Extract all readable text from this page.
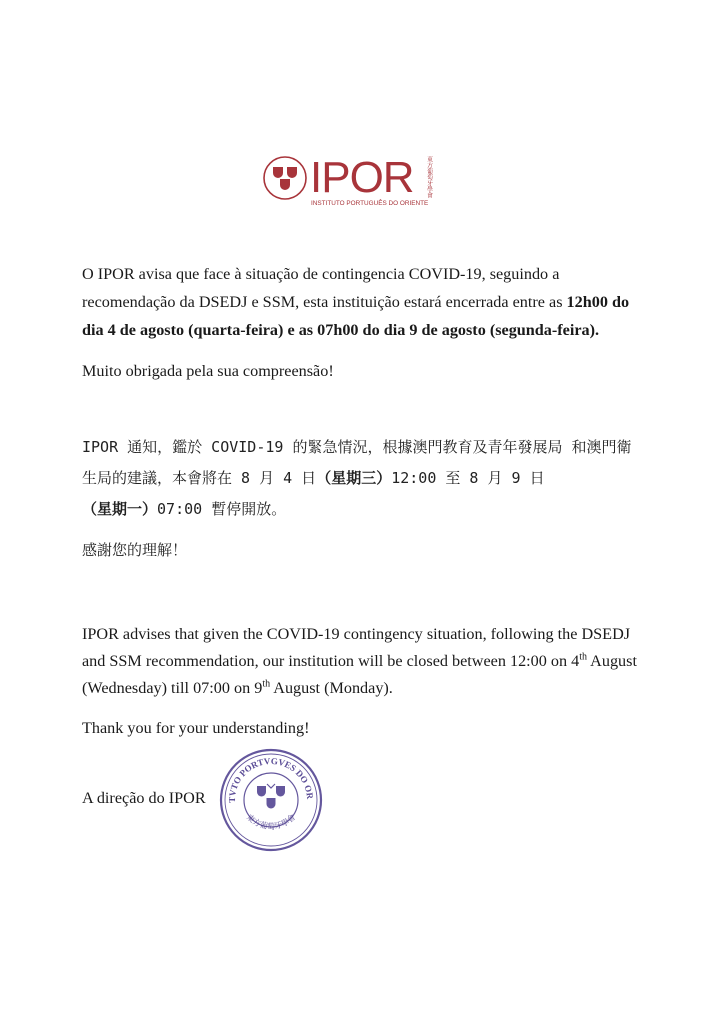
IPOR 東方葡萄牙學會
INSTITUTO PORTUGUÊS DO ORIENTE
O IPOR avisa que face à situação de contingencia COVID-19, seguindo a recomendação da DSEDJ e SSM, esta instituição estará encerrada entre as 12h00 do dia 4 de agosto (quarta-feira) e as 07h00 do dia 9 de agosto (segunda-feira).
Muito obrigada pela sua compreensão!
IPOR 通知，鑑於 COVID-19 的緊急情況，根據澳門教育及青年發展局 和澳門衛生局的建議，本會將在 8 月 4 日（星期三）12:00 至 8 月 9 日
（星期一）07:00 暫停開放。
感謝您的理解！
IPOR advises that given the COVID-19 contingency situation, following the DSEDJ and SSM recommendation, our institution will be closed between 12:00 on 4th August (Wednesday) till 07:00 on 9th August (Monday).
Thank you for your understanding!
A direção do IPOR	TVTO PORTVGVES DO OR
東方葡萄牙學會
